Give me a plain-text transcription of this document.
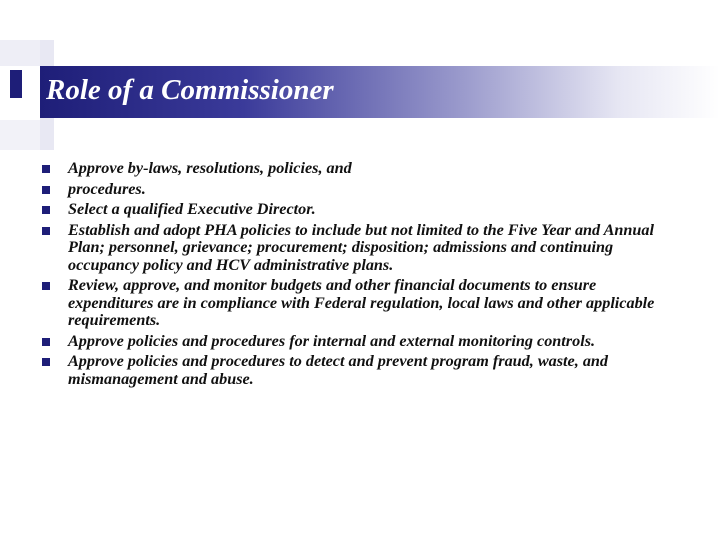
Role of a Commissioner
Approve by-laws, resolutions, policies, and
procedures.
Select a qualified Executive Director.
Establish and adopt PHA policies to include but not limited to the Five Year and Annual Plan; personnel, grievance; procurement; disposition; admissions and continuing occupancy policy and HCV administrative plans.
Review, approve, and monitor budgets and other financial documents to ensure expenditures are in compliance with Federal regulation, local laws and other applicable requirements.
Approve policies and procedures for internal and external monitoring controls.
Approve policies and procedures to detect and prevent program fraud, waste, and mismanagement and abuse.
